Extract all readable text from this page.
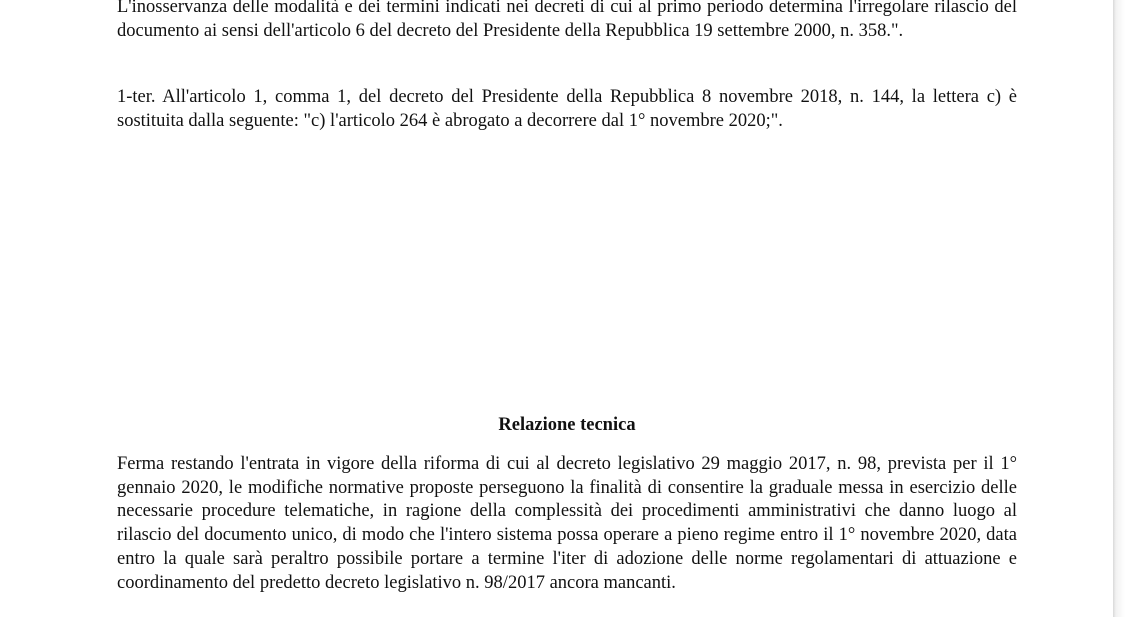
L'inosservanza delle modalità e dei termini indicati nei decreti di cui al primo periodo determina l'irregolare rilascio del documento ai sensi dell'articolo 6 del decreto del Presidente della Repubblica 19 settembre 2000, n. 358.".

1-ter. All'articolo 1, comma 1, del decreto del Presidente della Repubblica 8 novembre 2018, n. 144, la lettera c) è sostituita dalla seguente: "c) l'articolo 264 è abrogato a decorrere dal 1° novembre 2020;".

Relazione tecnica

Ferma restando l'entrata in vigore della riforma di cui al decreto legislativo 29 maggio 2017, n. 98, prevista per il 1° gennaio 2020, le modifiche normative proposte perseguono la finalità di consentire la graduale messa in esercizio delle necessarie procedure telematiche, in ragione della complessità dei procedimenti amministrativi che danno luogo al rilascio del documento unico, di modo che l'intero sistema possa operare a pieno regime entro il 1° novembre 2020, data entro la quale sarà peraltro possibile portare a termine l'iter di adozione delle norme regolamentari di attuazione e coordinamento del predetto decreto legislativo n. 98/2017 ancora mancanti.
